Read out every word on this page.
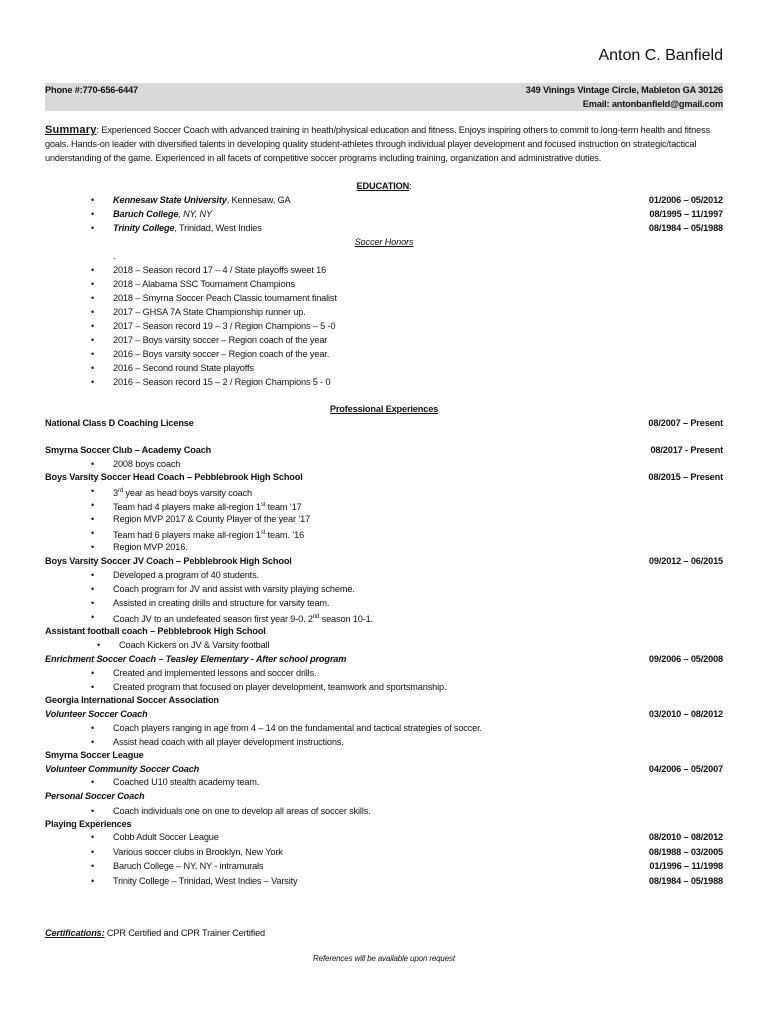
Anton C. Banfield
Phone #:770-656-6447	349 Vinings Vintage Circle, Mableton GA 30126
Email: antonbanfield@gmail.com
Summary: Experienced Soccer Coach with advanced training in heath/physical education and fitness. Enjoys inspiring others to commit to long-term health and fitness goals. Hands-on leader with diversified talents in developing quality student-athletes through individual player development and focused instruction on strategic/tactical understanding of the game. Experienced in all facets of competitive soccer programs including training, organization and administrative duties.
EDUCATION:
• Kennesaw State University, Kennesaw, GA	01/2006 – 05/2012
• Baruch College, NY, NY	08/1995 – 11/1997
• Trinity College, Trinidad, West Indies	08/1984 – 05/1988
Soccer Honors
.
• 2018 – Season record 17 – 4 / State playoffs sweet 16
• 2018 – Alabama SSC Tournament Champions
• 2018 – Smyrna Soccer Peach Classic tournament finalist
• 2017 – GHSA 7A State Championship runner up.
• 2017 – Season record 19 – 3 / Region Champions – 5 -0
• 2017 – Boys varsity soccer – Region coach of the year
• 2016 – Boys varsity soccer – Region coach of the year.
• 2016 – Second round State playoffs
• 2016 – Season record 15 – 2 / Region Champions 5 - 0
Professional Experiences
National Class D Coaching License	08/2007 – Present
Smyrna Soccer Club – Academy Coach	08/2017 - Present
• 2008 boys coach
Boys Varsity Soccer Head Coach – Pebblebrook High School	08/2015 – Present
• 3rd year as head boys varsity coach
• Team had 4 players make all-region 1st team ‘17
• Region MVP 2017 & County Player of the year ‘17
• Team had 6 players make all-region 1st team. ‘16
• Region MVP 2016.
Boys Varsity Soccer JV Coach – Pebblebrook High School	09/2012 – 06/2015
• Developed a program of 40 students.
• Coach program for JV and assist with varsity playing scheme.
• Assisted in creating drills and structure for varsity team.
• Coach JV to an undefeated season first year 9-0. 2nd season 10-1.
Assistant football coach – Pebblebrook High School
• Coach Kickers on JV & Varsity football
Enrichment Soccer Coach – Teasley Elementary - After school program	09/2006 – 05/2008
• Created and implemented lessons and soccer drills.
• Created program that focused on player development, teamwork and sportsmanship.
Georgia International Soccer Association
Volunteer Soccer Coach	03/2010 – 08/2012
• Coach players ranging in age from 4 – 14 on the fundamental and tactical strategies of soccer.
• Assist head coach with all player development instructions.
Smyrna Soccer League
Volunteer Community Soccer Coach	04/2006 – 05/2007
• Coached U10 stealth academy team.
Personal Soccer Coach
• Coach individuals one on one to develop all areas of soccer skills.
Playing Experiences
• Cobb Adult Soccer League	08/2010 – 08/2012
• Various soccer clubs in Brooklyn, New York	08/1988 – 03/2005
• Baruch College – NY, NY - intramurals	01/1996 – 11/1998
• Trinity College – Trinidad, West Indies – Varsity	08/1984 – 05/1988
Certifications: CPR Certified and CPR Trainer Certified
References will be available upon request
